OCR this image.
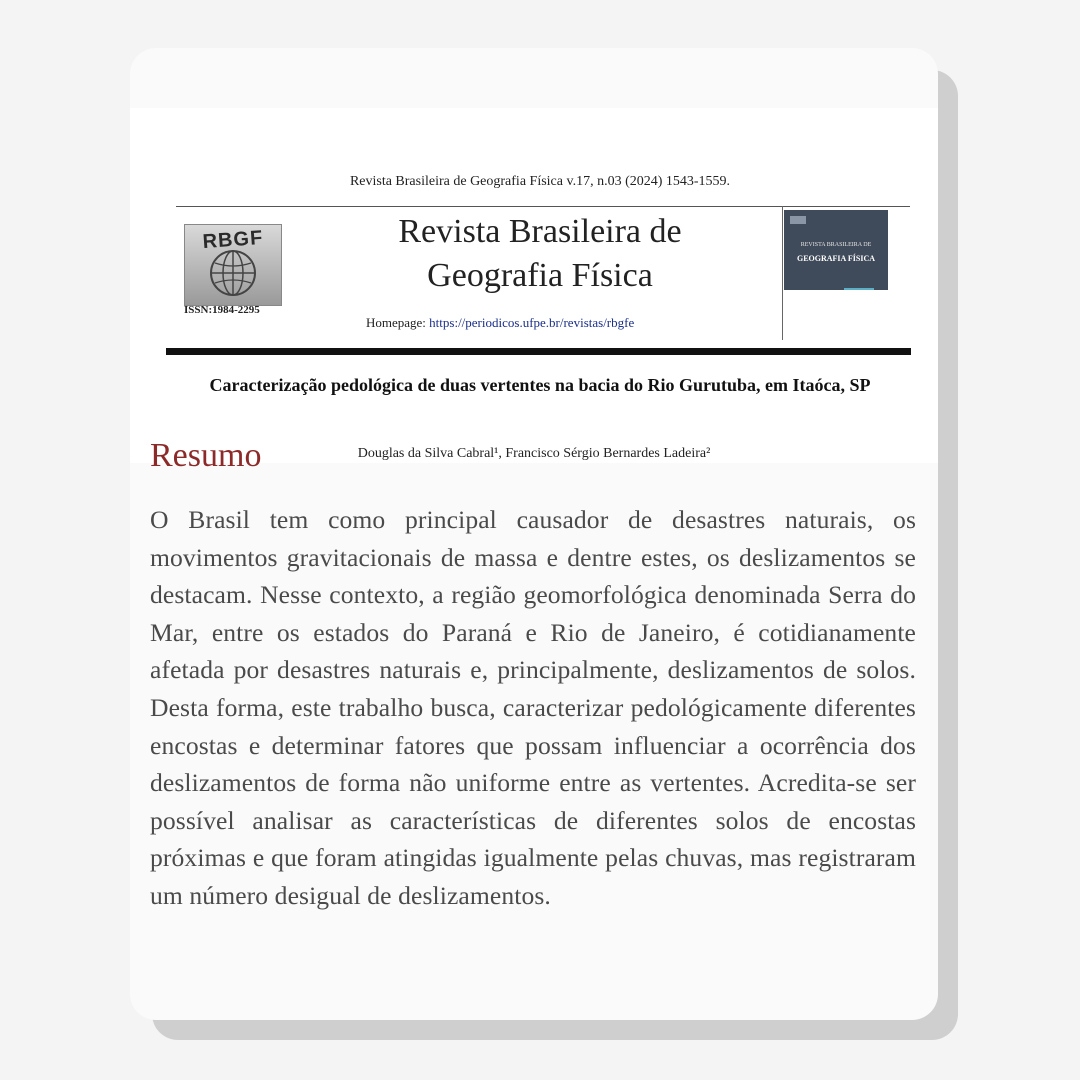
Revista Brasileira de Geografia Física v.17, n.03 (2024) 1543-1559.
RBGF
ISSN:1984-2295
Revista Brasileira de
Geografia Física
Homepage: https://periodicos.ufpe.br/revistas/rbgfe
REVISTA BRASILEIRA DE
GEOGRAFIA FÍSICA
Caracterização pedológica de duas vertentes na bacia do Rio Gurutuba, em Itaóca, SP
Douglas da Silva Cabral¹, Francisco Sérgio Bernardes Ladeira²
Resumo
O Brasil tem como principal causador de desastres naturais, os movimentos gravitacionais de massa e dentre estes, os deslizamentos se destacam. Nesse contexto, a região geomorfológica denominada Serra do Mar, entre os estados do Paraná e Rio de Janeiro, é cotidianamente afetada por desastres naturais e, principalmente, deslizamentos de solos. Desta forma, este trabalho busca, caracterizar pedológicamente diferentes encostas e determinar fatores que possam influenciar a ocorrência dos deslizamentos de forma não uniforme entre as vertentes. Acredita-se ser possível analisar as características de diferentes solos de encostas próximas e que foram atingidas igualmente pelas chuvas, mas registraram um número desigual de deslizamentos.
